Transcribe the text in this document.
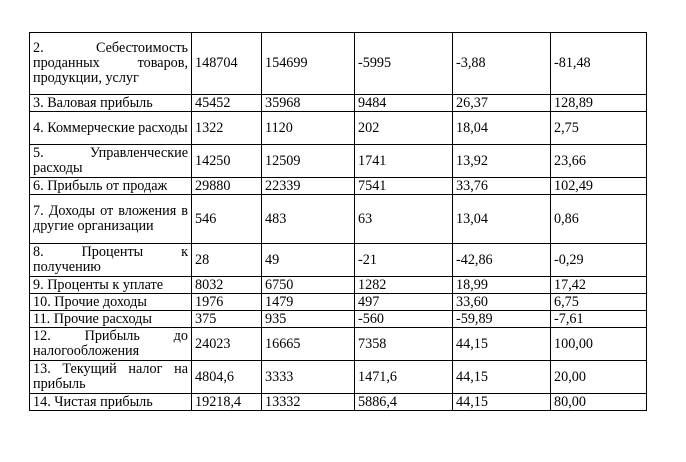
2. Себестоимость проданных товаров, продукции, услуг	148704	154699	-5995	-3,88	-81,48
3. Валовая прибыль	45452	35968	9484	26,37	128,89
4. Коммерческие расходы	1322	1120	202	18,04	2,75
5. Управленческие расходы	14250	12509	1741	13,92	23,66
6. Прибыль от продаж	29880	22339	7541	33,76	102,49
7. Доходы от вложения в другие организации	546	483	63	13,04	0,86
8. Проценты к получению	28	49	-21	-42,86	-0,29
9. Проценты к уплате	8032	6750	1282	18,99	17,42
10. Прочие доходы	1976	1479	497	33,60	6,75
11. Прочие расходы	375	935	-560	-59,89	-7,61
12. Прибыль до налогообложения	24023	16665	7358	44,15	100,00
13. Текущий налог на прибыль	4804,6	3333	1471,6	44,15	20,00
14. Чистая прибыль	19218,4	13332	5886,4	44,15	80,00
